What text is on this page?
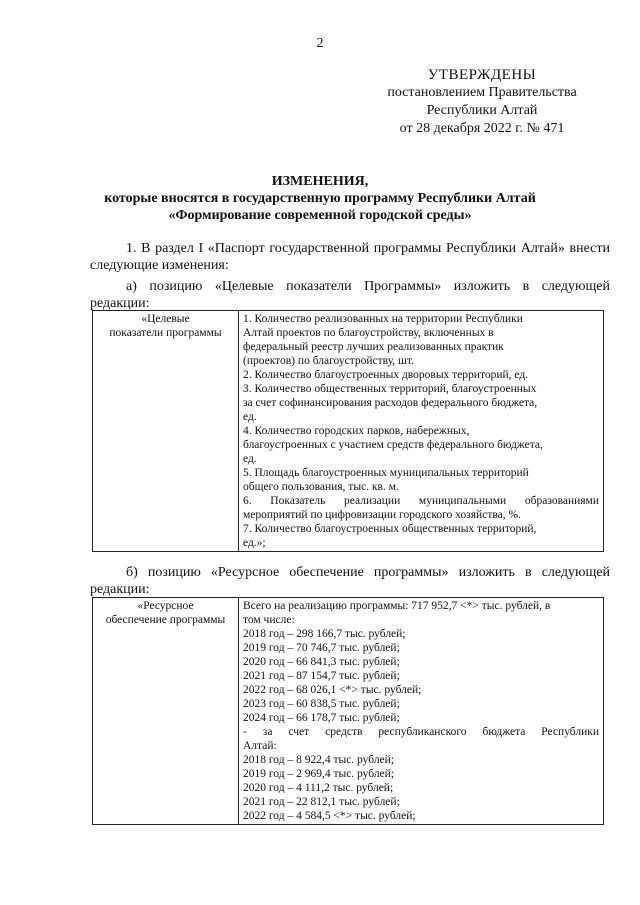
2
УТВЕРЖДЕНЫ
постановлением Правительства
Республики Алтай
от 28 декабря 2022 г. № 471
ИЗМЕНЕНИЯ,
которые вносятся в государственную программу Республики Алтай
«Формирование современной городской среды»
1. В раздел I «Паспорт государственной программы Республики Алтай» внести следующие изменения:
а) позицию «Целевые показатели Программы» изложить в следующей редакции:
«Целевые
показатели программы

1. Количество реализованных на территории Республики
Алтай проектов по благоустройству, включенных в
федеральный реестр лучших реализованных практик
(проектов) по благоустройству, шт.
2. Количество благоустроенных дворовых территорий, ед.
3. Количество общественных территорий, благоустроенных
за счет софинансирования расходов федерального бюджета,
ед.
4. Количество городских парков, набережных,
благоустроенных с участием средств федерального бюджета,
ед.
5. Площадь благоустроенных муниципальных территорий
общего пользования, тыс. кв. м.
6. Показатель реализации муниципальными образованиями
мероприятий по цифровизации городского хозяйства, %.
7. Количество благоустроенных общественных территорий,
ед.»;
б) позицию «Ресурсное обеспечение программы» изложить в следующей редакции:
«Ресурсное
обеспечение программы

Всего на реализацию программы: 717 952,7 <*> тыс. рублей, в
том числе:
2018 год – 298 166,7 тыс. рублей;
2019 год – 70 746,7 тыс. рублей;
2020 год – 66 841,3 тыс. рублей;
2021 год – 87 154,7 тыс. рублей;
2022 год – 68 026,1 <*> тыс. рублей;
2023 год – 60 838,5 тыс. рублей;
2024 год – 66 178,7 тыс. рублей;
- за счет средств республиканского бюджета Республики
Алтай:
2018 год – 8 922,4 тыс. рублей;
2019 год – 2 969,4 тыс. рублей;
2020 год – 4 111,2 тыс. рублей;
2021 год – 22 812,1 тыс. рублей;
2022 год – 4 584,5 <*> тыс. рублей;
